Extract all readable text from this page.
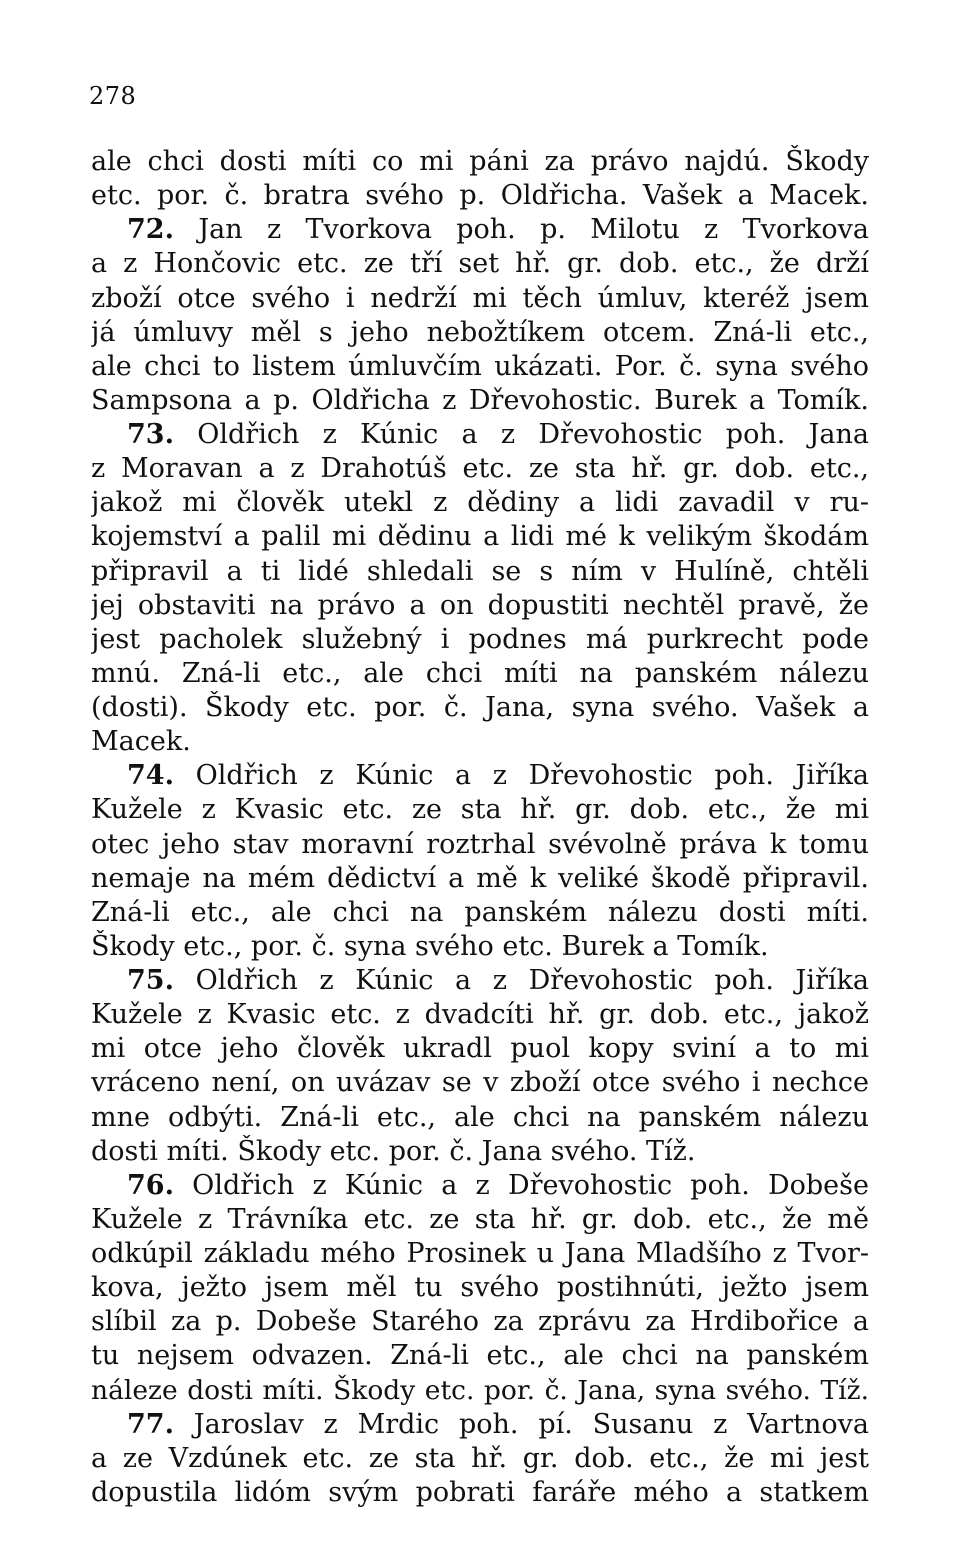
278
ale chci dosti míti co mi páni za právo najdú. Škody
etc. por. č. bratra svého p. Oldřicha. Vašek a Macek.
72. Jan z Tvorkova poh. p. Milotu z Tvorkova
a z Hončovic etc. ze tří set hř. gr. dob. etc., že drží
zboží otce svého i nedrží mi těch úmluv, kteréž jsem
já úmluvy měl s jeho nebožtíkem otcem. Zná-li etc.,
ale chci to listem úmluvčím ukázati. Por. č. syna svého
Sampsona a p. Oldřicha z Dřevohostic. Burek a Tomík.
73. Oldřich z Kúnic a z Dřevohostic poh. Jana
z Moravan a z Drahotúš etc. ze sta hř. gr. dob. etc.,
jakož mi člověk utekl z dědiny a lidi zavadil v ru-
kojemství a palil mi dědinu a lidi mé k velikým škodám
připravil a ti lidé shledali se s ním v Hulíně, chtěli
jej obstaviti na právo a on dopustiti nechtěl pravě, že
jest pacholek služebný i podnes má purkrecht pode
mnú. Zná-li etc., ale chci míti na panském nálezu
(dosti). Škody etc. por. č. Jana, syna svého. Vašek a
Macek.
74. Oldřich z Kúnic a z Dřevohostic poh. Jiříka
Kužele z Kvasic etc. ze sta hř. gr. dob. etc., že mi
otec jeho stav moravní roztrhal svévolně práva k tomu
nemaje na mém dědictví a mě k veliké škodě připravil.
Zná-li etc., ale chci na panském nálezu dosti míti.
Škody etc., por. č. syna svého etc. Burek a Tomík.
75. Oldřich z Kúnic a z Dřevohostic poh. Jiříka
Kužele z Kvasic etc. z dvadcíti hř. gr. dob. etc., jakož
mi otce jeho člověk ukradl puol kopy sviní a to mi
vráceno není, on uvázav se v zboží otce svého i nechce
mne odbýti. Zná-li etc., ale chci na panském nálezu
dosti míti. Škody etc. por. č. Jana svého. Tíž.
76. Oldřich z Kúnic a z Dřevohostic poh. Dobeše
Kužele z Trávníka etc. ze sta hř. gr. dob. etc., že mě
odkúpil základu mého Prosinek u Jana Mladšího z Tvor-
kova, ježto jsem měl tu svého postihnúti, ježto jsem
slíbil za p. Dobeše Starého za zprávu za Hrdibořice a
tu nejsem odvazen. Zná-li etc., ale chci na panském
náleze dosti míti. Škody etc. por. č. Jana, syna svého. Tíž.
77. Jaroslav z Mrdic poh. pí. Susanu z Vartnova
a ze Vzdúnek etc. ze sta hř. gr. dob. etc., že mi jest
dopustila lidóm svým pobrati faráře mého a statkem
